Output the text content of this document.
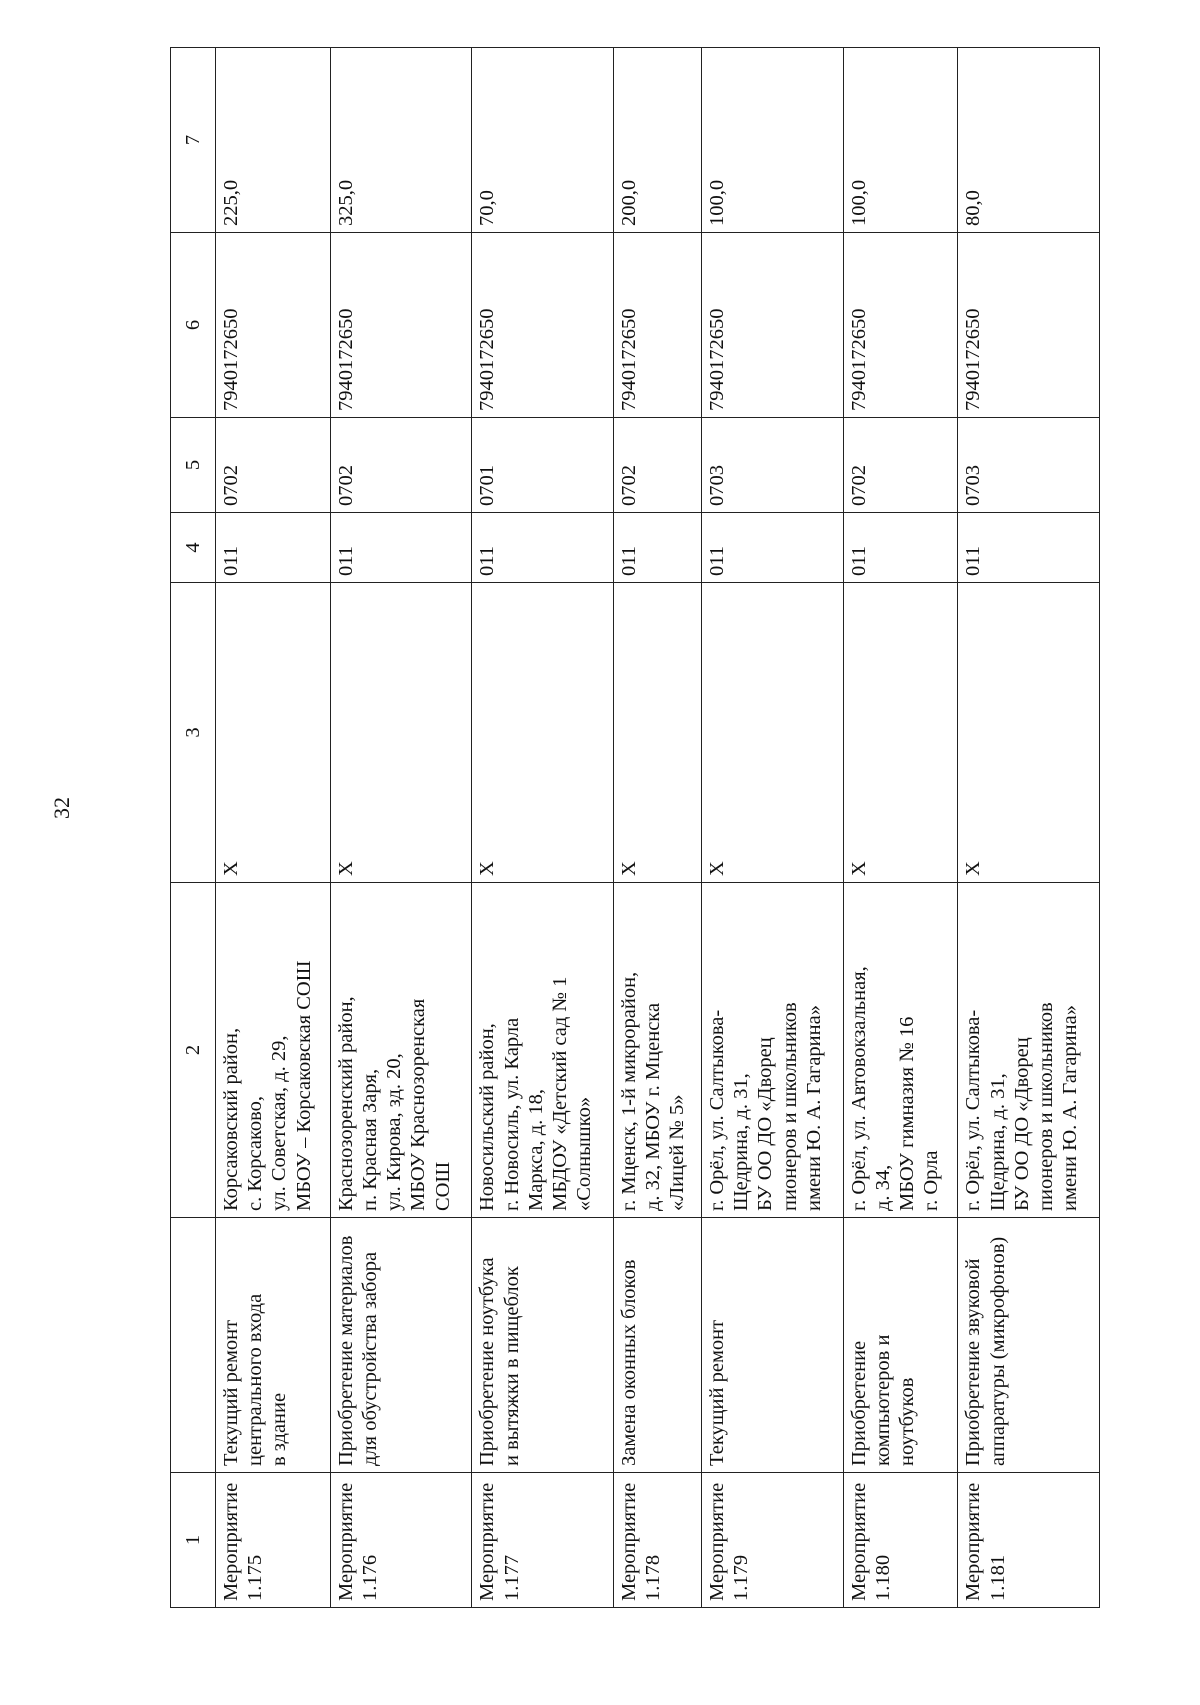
32
1		2	3	4	5	6	7

Мероприятие 1.175	Текущий ремонт центрального входа в здание	Корсаковский район, с. Корсаково, ул. Советская, д. 29, МБОУ – Корсаковская СОШ	Х	011	0702	7940172650	225,0

Мероприятие 1.176	Приобретение материалов для обустройства забора	Краснозоренский район, п. Красная Заря, ул. Кирова, зд. 20, МБОУ Краснозоренская СОШ	Х	011	0702	7940172650	325,0

Мероприятие 1.177	Приобретение ноутбука и вытяжки в пищеблок	Новосильский район, г. Новосиль, ул. Карла Маркса, д. 18, МБДОУ «Детский сад № 1 «Солнышко»	Х	011	0701	7940172650	70,0

Мероприятие 1.178	Замена оконных блоков	г. Мценск, 1-й микрорайон, д. 32, МБОУ г. Мценска «Лицей № 5»	Х	011	0702	7940172650	200,0

Мероприятие 1.179	Текущий ремонт	г. Орёл, ул. Салтыкова- Щедрина, д. 31, БУ ОО ДО «Дворец пионеров и школьников имени Ю. А. Гагарина»	Х	011	0703	7940172650	100,0

Мероприятие 1.180	Приобретение компьютеров и ноутбуков	г. Орёл, ул. Автовокзальная, д. 34, МБОУ гимназия № 16 г. Орла	Х	011	0702	7940172650	100,0

Мероприятие 1.181	Приобретение звуковой аппаратуры (микрофонов)	г. Орёл, ул. Салтыкова- Щедрина, д. 31, БУ ОО ДО «Дворец пионеров и школьников имени Ю. А. Гагарина»	Х	011	0703	7940172650	80,0
